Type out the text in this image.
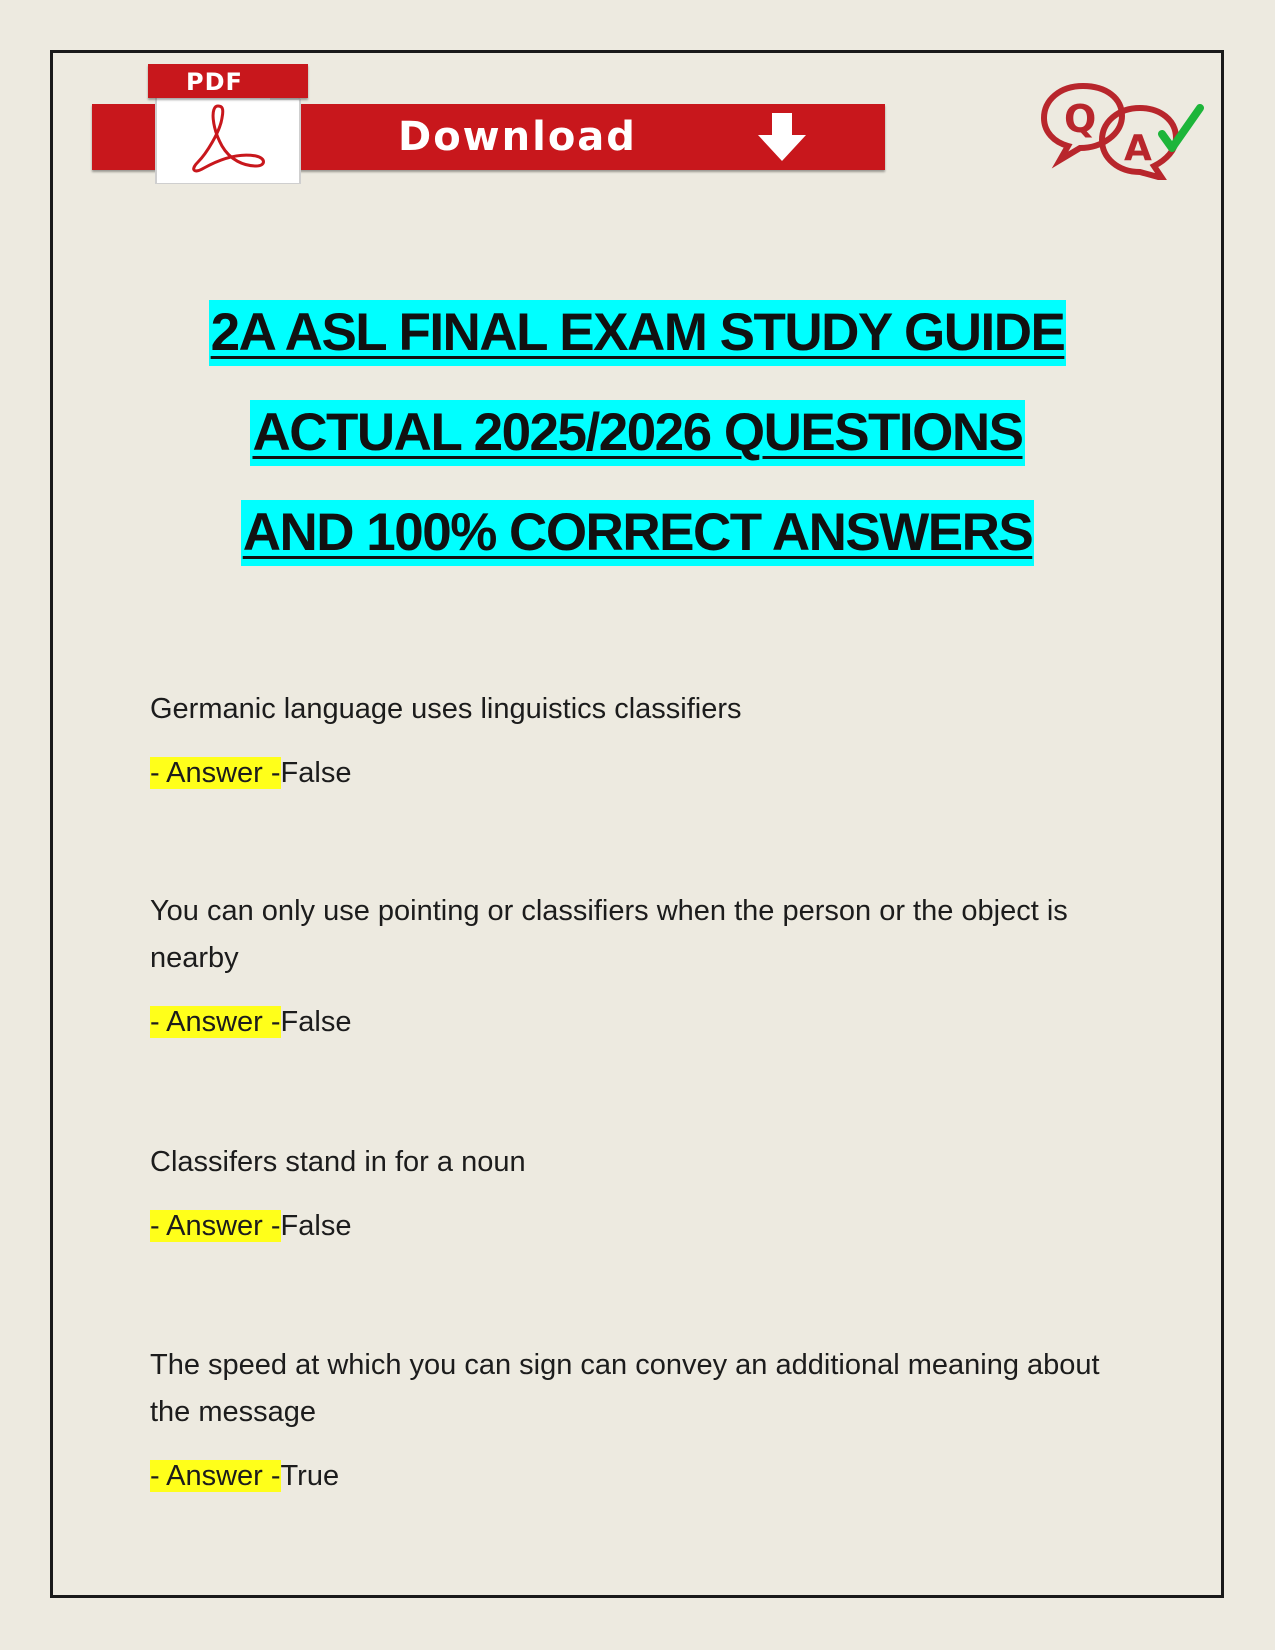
Download
PDF
Q
A
2A ASL FINAL EXAM STUDY GUIDE
ACTUAL 2025/2026 QUESTIONS
AND 100% CORRECT ANSWERS

Germanic language uses linguistics classifiers

- Answer -False

You can only use pointing or classifiers when the person or the object is nearby

- Answer -False

Classifers stand in for a noun

- Answer -False

The speed at which you can sign can convey an additional meaning about the message

- Answer -True
